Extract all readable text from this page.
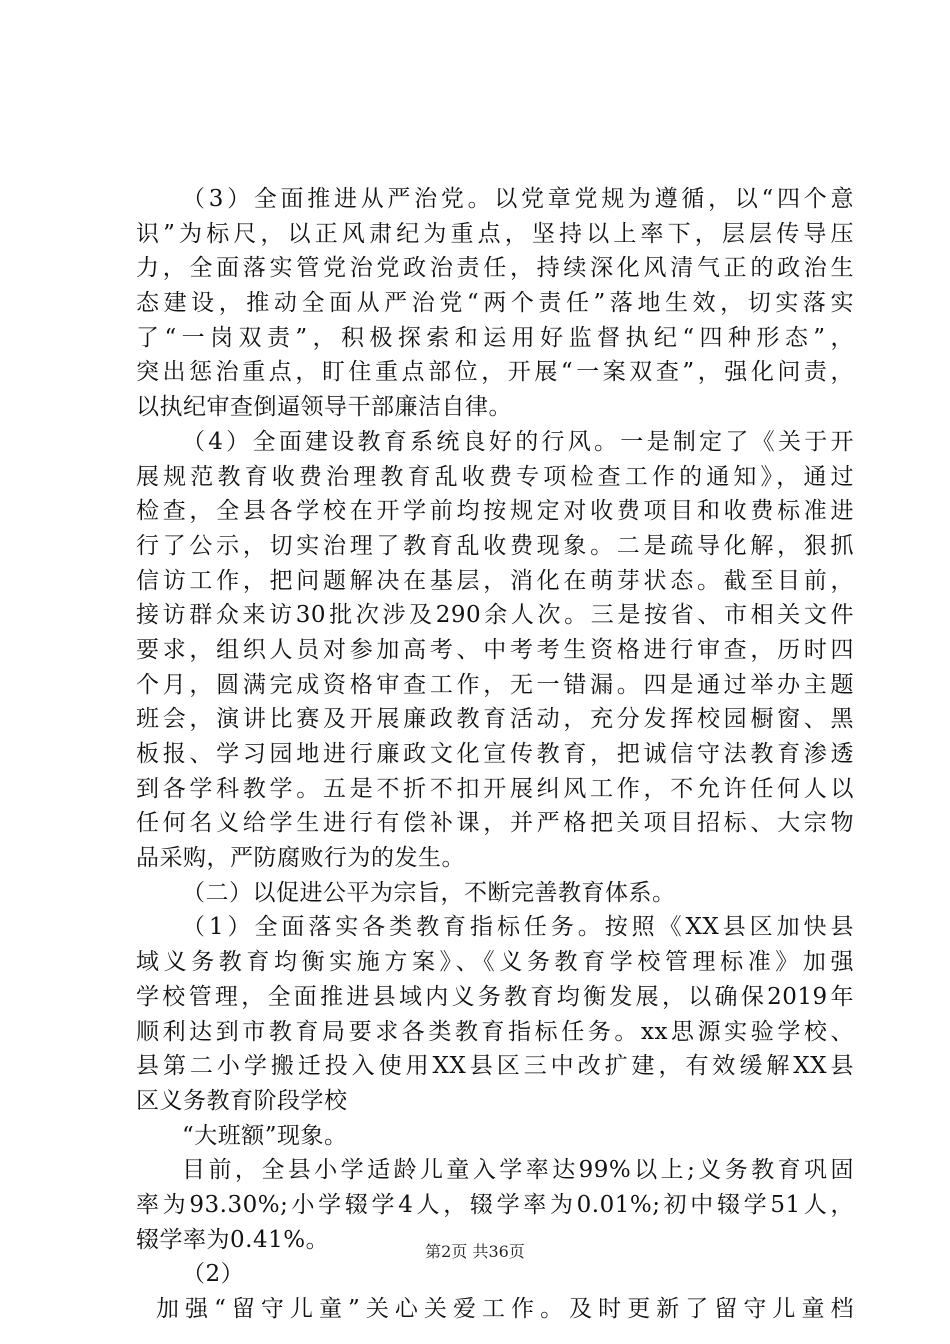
（3）全面推进从严治党。以党章党规为遵循，以“四个意
识”为标尺，以正风肃纪为重点，坚持以上率下，层层传导压
力，全面落实管党治党政治责任，持续深化风清气正的政治生
态建设，推动全面从严治党“两个责任”落地生效，切实落实
了“一岗双责”，积极探索和运用好监督执纪“四种形态”，
突出惩治重点，盯住重点部位，开展“一案双查”，强化问责，
以执纪审查倒逼领导干部廉洁自律。
（4）全面建设教育系统良好的行风。一是制定了《关于开
展规范教育收费治理教育乱收费专项检查工作的通知》，通过
检查，全县各学校在开学前均按规定对收费项目和收费标准进
行了公示，切实治理了教育乱收费现象。二是疏导化解，狠抓
信访工作，把问题解决在基层，消化在萌芽状态。截至目前，
接访群众来访30批次涉及290余人次。三是按省、市相关文件
要求，组织人员对参加高考、中考考生资格进行审查，历时四
个月，圆满完成资格审查工作，无一错漏。四是通过举办主题
班会，演讲比赛及开展廉政教育活动，充分发挥校园橱窗、黑
板报、学习园地进行廉政文化宣传教育，把诚信守法教育渗透
到各学科教学。五是不折不扣开展纠风工作，不允许任何人以
任何名义给学生进行有偿补课，并严格把关项目招标、大宗物
品采购，严防腐败行为的发生。
（二）以促进公平为宗旨，不断完善教育体系。
（1）全面落实各类教育指标任务。按照《XX县区加快县
域义务教育均衡实施方案》、《义务教育学校管理标准》加强
学校管理，全面推进县域内义务教育均衡发展，以确保2019年
顺利达到市教育局要求各类教育指标任务。xx思源实验学校、
县第二小学搬迁投入使用XX县区三中改扩建，有效缓解XX县
区义务教育阶段学校
“大班额”现象。
目前，全县小学适龄儿童入学率达99%以上;义务教育巩固
率为93.30%;小学辍学4人，辍学率为0.01%;初中辍学51人，
辍学率为0.41%。
（2）
加强“留守儿童”关心关爱工作。及时更新了留守儿童档
第2页 共36页
